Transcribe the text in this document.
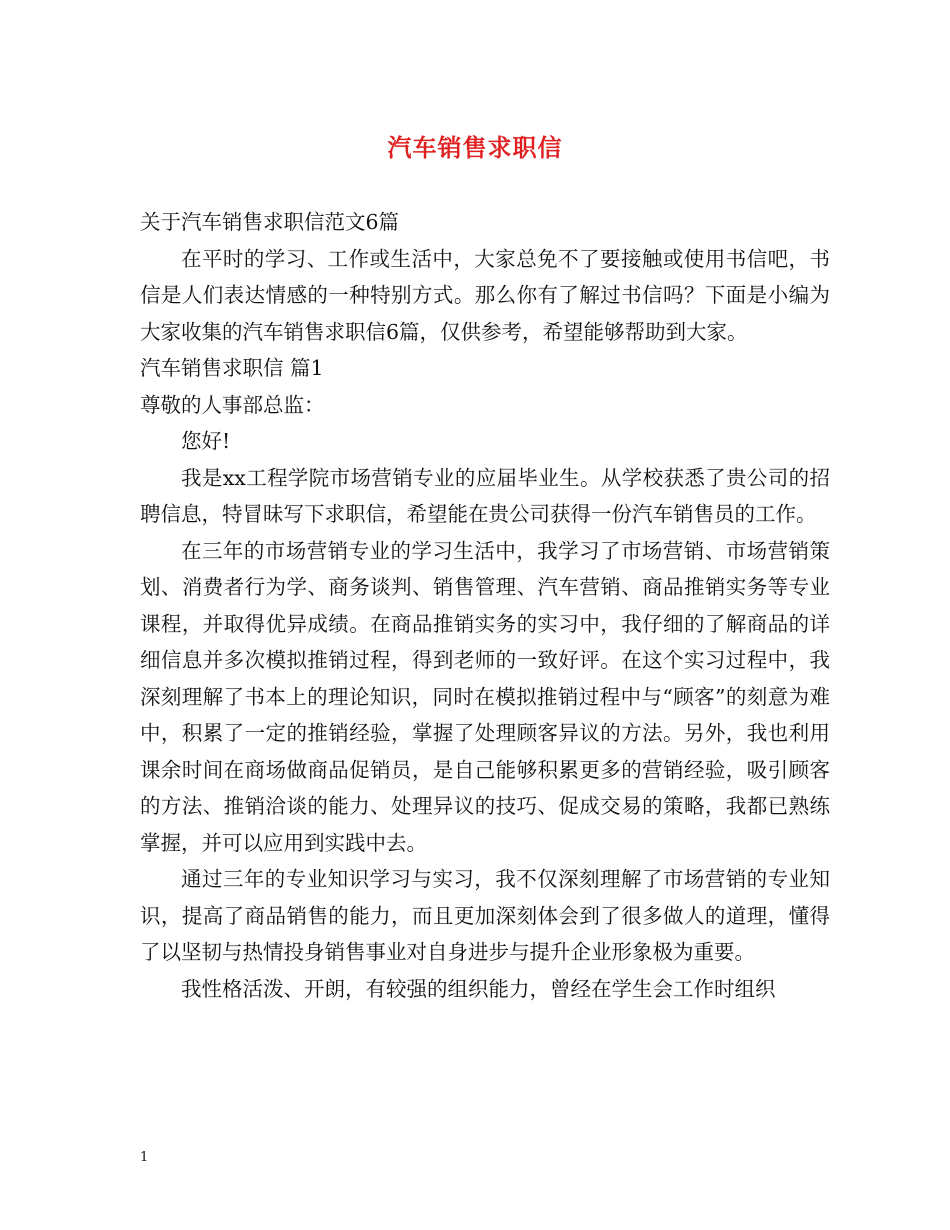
汽车销售求职信

关于汽车销售求职信范文6篇

在平时的学习、工作或生活中，大家总免不了要接触或使用书信吧，书信是人们表达情感的一种特别方式。那么你有了解过书信吗？下面是小编为大家收集的汽车销售求职信6篇，仅供参考，希望能够帮助到大家。

汽车销售求职信 篇1

尊敬的人事部总监：

您好!

我是xx工程学院市场营销专业的应届毕业生。从学校获悉了贵公司的招聘信息，特冒昧写下求职信，希望能在贵公司获得一份汽车销售员的工作。

在三年的市场营销专业的学习生活中，我学习了市场营销、市场营销策划、消费者行为学、商务谈判、销售管理、汽车营销、商品推销实务等专业课程，并取得优异成绩。在商品推销实务的实习中，我仔细的了解商品的详细信息并多次模拟推销过程，得到老师的一致好评。在这个实习过程中，我深刻理解了书本上的理论知识，同时在模拟推销过程中与“顾客”的刻意为难中，积累了一定的推销经验，掌握了处理顾客异议的方法。另外，我也利用课余时间在商场做商品促销员，是自己能够积累更多的营销经验，吸引顾客的方法、推销洽谈的能力、处理异议的技巧、促成交易的策略，我都已熟练掌握，并可以应用到实践中去。

通过三年的专业知识学习与实习，我不仅深刻理解了市场营销的专业知识，提高了商品销售的能力，而且更加深刻体会到了很多做人的道理，懂得了以坚韧与热情投身销售事业对自身进步与提升企业形象极为重要。

我性格活泼、开朗，有较强的组织能力，曾经在学生会工作时组织

1
